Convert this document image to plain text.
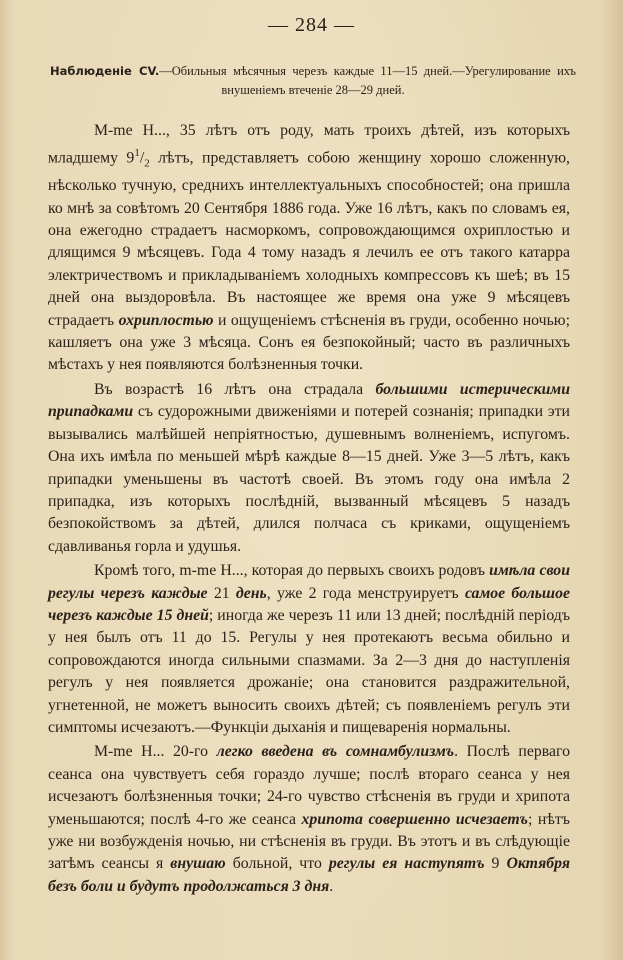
— 284 —
Наблюденіе CV.—Обильныя мѣсячныя черезъ каждые 11—15 дней.—Урегулирование ихъ внушеніемъ втеченіе 28—29 дней.

M-me H..., 35 лѣтъ отъ роду, мать троихъ дѣтей, изъ которыхъ младшему $9^1/_2$ лѣтъ, представляетъ собою женщину хорошо сложенную, нѣсколько тучную, среднихъ интеллектуальныхъ способностей; она пришла ко мнѣ за совѣтомъ 20 Сентября 1886 года. Уже 16 лѣтъ, какъ по словамъ ея, она ежегодно страдаетъ насморкомъ, сопровождающимся охриплостью и длящимся 9 мѣсяцевъ. Года 4 тому назадъ я лечилъ ее отъ такого катарра электричествомъ и прикладываніемъ холодныхъ компрессовъ къ шеѣ; въ 15 дней она выздоровѣла. Въ настоящее же время она уже 9 мѣсяцевъ страдаетъ охриплостью и ощущеніемъ стѣсненія въ груди, особенно ночью; кашляетъ она уже 3 мѣсяца. Сонъ ея безпокойный; часто въ различныхъ мѣстахъ у нея появляются болѣзненныя точки.

Въ возрастѣ 16 лѣтъ она страдала большими истерическими припадками съ судорожными движеніями и потерей сознанія; припадки эти вызывались малѣйшей непріятностью, душевнымъ волненіемъ, испугомъ. Она ихъ имѣла по меньшей мѣрѣ каждые 8—15 дней. Уже 3—5 лѣтъ, какъ припадки уменьшены въ частотѣ своей. Въ этомъ году она имѣла 2 припадка, изъ которыхъ послѣдній, вызванный мѣсяцевъ 5 назадъ безпокойствомъ за дѣтей, длился полчаса съ криками, ощущеніемъ сдавливанья горла и удушья.

Кромѣ того, m-me H..., которая до первыхъ своихъ родовъ имѣла свои регулы черезъ каждые 21 день, уже 2 года менструируетъ самое большое черезъ каждые 15 дней; иногда же черезъ 11 или 13 дней; послѣдній періодъ у нея былъ отъ 11 до 15. Регулы у нея протекаютъ весьма обильно и сопровождаются иногда сильными спазмами. За 2—3 дня до наступленія регулъ у нея появляется дрожаніе; она становится раздражительной, угнетенной, не можетъ выносить своихъ дѣтей; съ появленіемъ регулъ эти симптомы исчезаютъ.—Функціи дыханія и пищеваренія нормальны.

M-me H... 20-го легко введена въ сомнамбулизмъ. Послѣ перваго сеанса она чувствуетъ себя гораздо лучше; послѣ втораго сеанса у нея исчезаютъ болѣзненныя точки; 24-го чувство стѣсненія въ груди и хрипота уменьшаются; послѣ 4-го же сеанса хрипота совершенно исчезаетъ; нѣтъ уже ни возбужденія ночью, ни стѣсненія въ груди. Въ этотъ и въ слѣдующіе затѣмъ сеансы я внушаю больной, что регулы ея наступятъ 9 Октября безъ боли и будутъ продолжаться 3 дня.
